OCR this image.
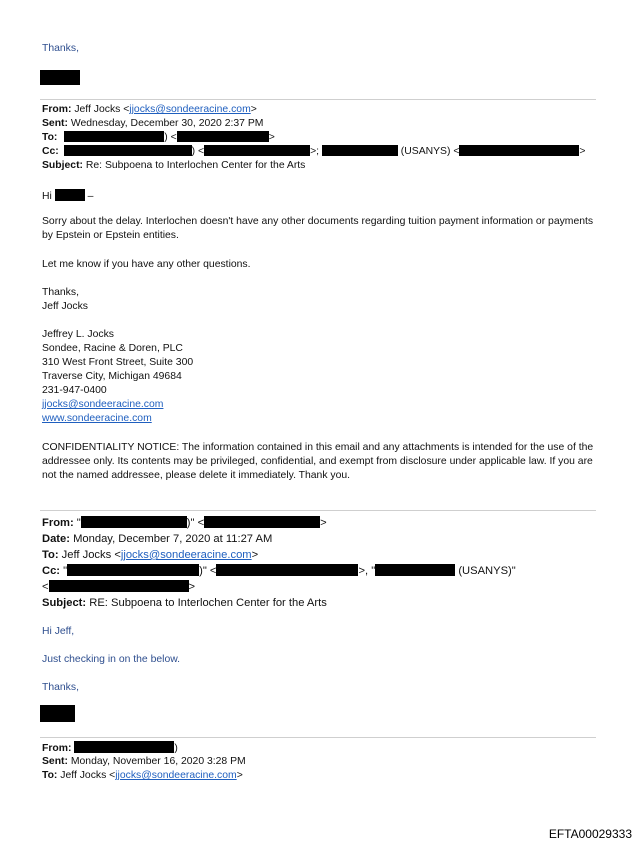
Thanks,
From: Jeff Jocks <jjocks@sondeeracine.com>
Sent: Wednesday, December 30, 2020 2:37 PM
To:	) <	>
Cc:	) <	>;	(USANYS) <	>
Subject: Re: Subpoena to Interlochen Center for the Arts
Hi	–
Sorry about the delay. Interlochen doesn't have any other documents regarding tuition payment information or payments by Epstein or Epstein entities.
Let me know if you have any other questions.
Thanks,
Jeff Jocks
Jeffrey L. Jocks
Sondee, Racine & Doren, PLC
310 West Front Street, Suite 300
Traverse City, Michigan 49684
231-947-0400
jjocks@sondeeracine.com
www.sondeeracine.com
CONFIDENTIALITY NOTICE: The information contained in this email and any attachments is intended for the use of the addressee only. Its contents may be privileged, confidential, and exempt from disclosure under applicable law. If you are not the named addressee, please delete it immediately. Thank you.
From: "	)" <	>
Date: Monday, December 7, 2020 at 11:27 AM
To: Jeff Jocks <jjocks@sondeeracine.com>
Cc: "	)" <	>, "	(USANYS)"
<	>
Subject: RE: Subpoena to Interlochen Center for the Arts
Hi Jeff,
Just checking in on the below.
Thanks,
From:	)
Sent: Monday, November 16, 2020 3:28 PM
To: Jeff Jocks <jjocks@sondeeracine.com>
EFTA00029333
